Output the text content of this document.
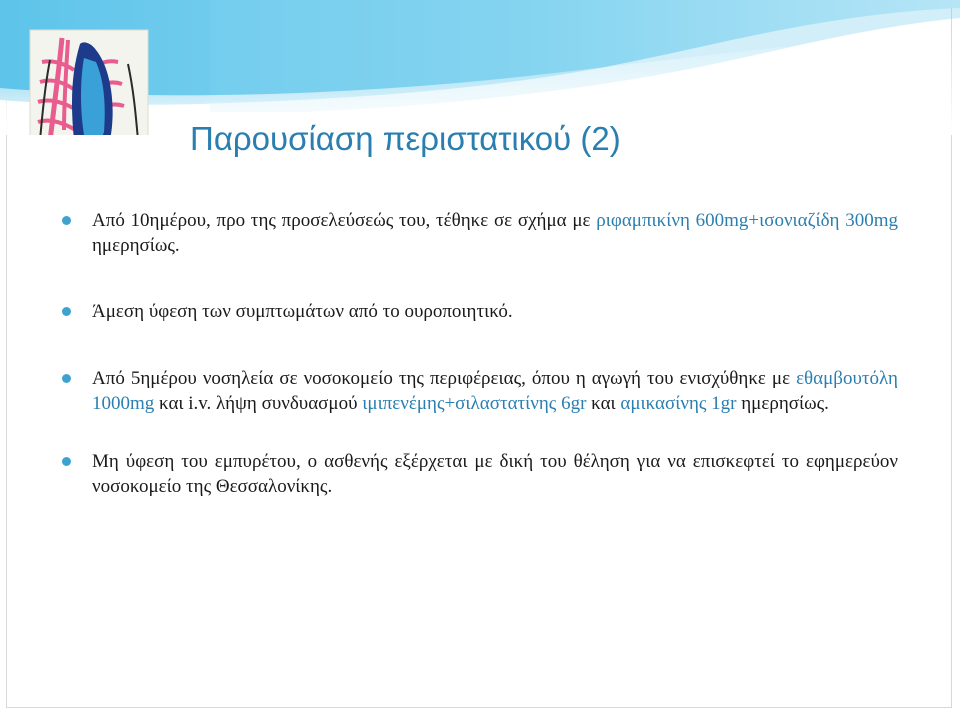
Παρουσίαση περιστατικού (2)
Από 10ημέρου, προ της προσελεύσεώς του, τέθηκε σε σχήμα με ριφαμπικίνη 600mg+ισονιαζίδη 300mg ημερησίως.
Άμεση ύφεση των συμπτωμάτων από το ουροποιητικό.
Από 5ημέρου νοσηλεία σε νοσοκομείο της περιφέρειας, όπου η αγωγή του ενισχύθηκε με εθαμβουτόλη 1000mg και i.v. λήψη συνδυασμού ιμιπενέμης+σιλαστατίνης 6gr και αμικασίνης 1gr ημερησίως.
Μη ύφεση του εμπυρέτου, ο ασθενής εξέρχεται με δική του θέληση για να επισκεφτεί το εφημερεύον νοσοκομείο της Θεσσαλονίκης.
